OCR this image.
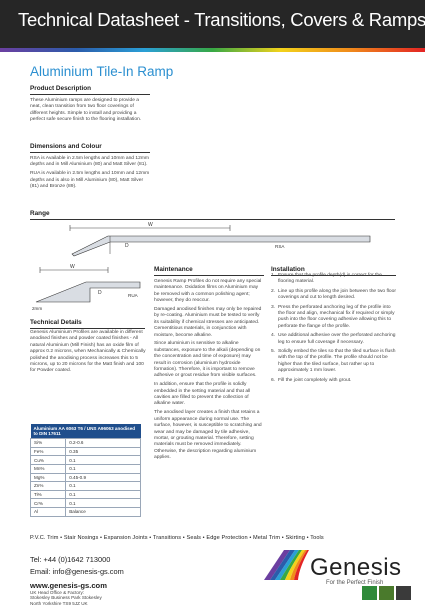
Technical Datasheet - Transitions, Covers & Ramps
Aluminium Tile-In Ramp
Product Description
These Aluminium ramps are designed to provide a neat, clean transition from two floor coverings of different heights. Simple to install and providing a perfect safe secure finish to the flooring installation.
Dimensions and Colour

RSA is Available in 2.5m lengths and 10mm and 12mm depths and in Mill Aluminium (80) and Matt Silver (81).

RUA is Available in 2.5m lengths and 10mm and 12mm depths and is also in Mill Aluminium (80), Matt Silver (81) and Bronze (89).

Range
W
D	RSA
W
D	RUA
2mm
Technical Details
Genesis Aluminium Profiles are available in different anodised finishes and powder coated finishes - All natural Aluminium (Mill Finish) has an oxide film of approx 0.2 microns, when Mechanically & Chemically polished the anodising process increases this to 5 microns, up to 20 microns for the Matt finish and 100 for Powder coated.
Aluminium AA 6063 T6 / UNS A96063 anodised to DIN 17611	
Si%	0.2-0.6
Fe%	0.35
Cu%	0.1
Mn%	0.1
Mg%	0.45-0.9
Zn%	0.1
Ti%	0.1
Cr%	0.1
Al	Balance
Maintenance

Genesis Ramp Profiles do not require any special maintenance. Oxidation films on Aluminium may be removed with a common polishing agent; however, they do reoccur.

Damaged anodised finishes may only be repaired by re-coating. Aluminium must be tested to verify its suitability if chemical stresses are anticipated. Cementitious materials, in conjunction with moisture, become alkaline.

Since aluminium is sensitive to alkaline substances, exposure to the alkali (depending on the concentration and time of exposure) may result in corrosion (aluminium hydroxide formation). Therefore, it is important to remove adhesive or grout residue from visible surfaces.

In addition, ensure that the profile is solidly embedded in the setting material and that all cavities are filled to prevent the collection of alkaline water.

The anodised layer creates a finish that retains a uniform appearance during normal use. The surface, however, is susceptible to scratching and wear and may be damaged by tile adhesive, mortar, or grouting material. Therefore, setting materials must be removed immediately. Otherwise, the description regarding aluminium applies.

Installation
1. Ensure that the profile depth(d) is correct for the flooring material.
2. Line up this profile along the join between the two floor coverings and cut to length desired.
3. Press the perforated anchoring leg of the profile into the floor and align, mechanical fix if required or simply push into the floor covering adhesive allowing this to perforate the flange of the profile.
4. Use additional adhesive over the perforated anchoring leg to ensure full coverage if necessary.
5. Solidly embed the tiles so that the tiled surface is flush with the top of the profile. The profile should not be higher than the tiled surface, but rather up to approximately 1 mm lower.
6. Fill the joint completely with grout.
P.V.C. Trim • Stair Nosings • Expansion Joints • Transitions • Seals • Edge Protection • Metal Trim • Skirting • Tools
Tel: +44 (0)1642 713000
Email: info@genesis-gs.com
www.genesis-gs.com
UK Head Office & Factory:
Stokesley Business Park Stokesley
North Yorkshire TS9 5JZ UK
Genesis
For the Perfect Finish
